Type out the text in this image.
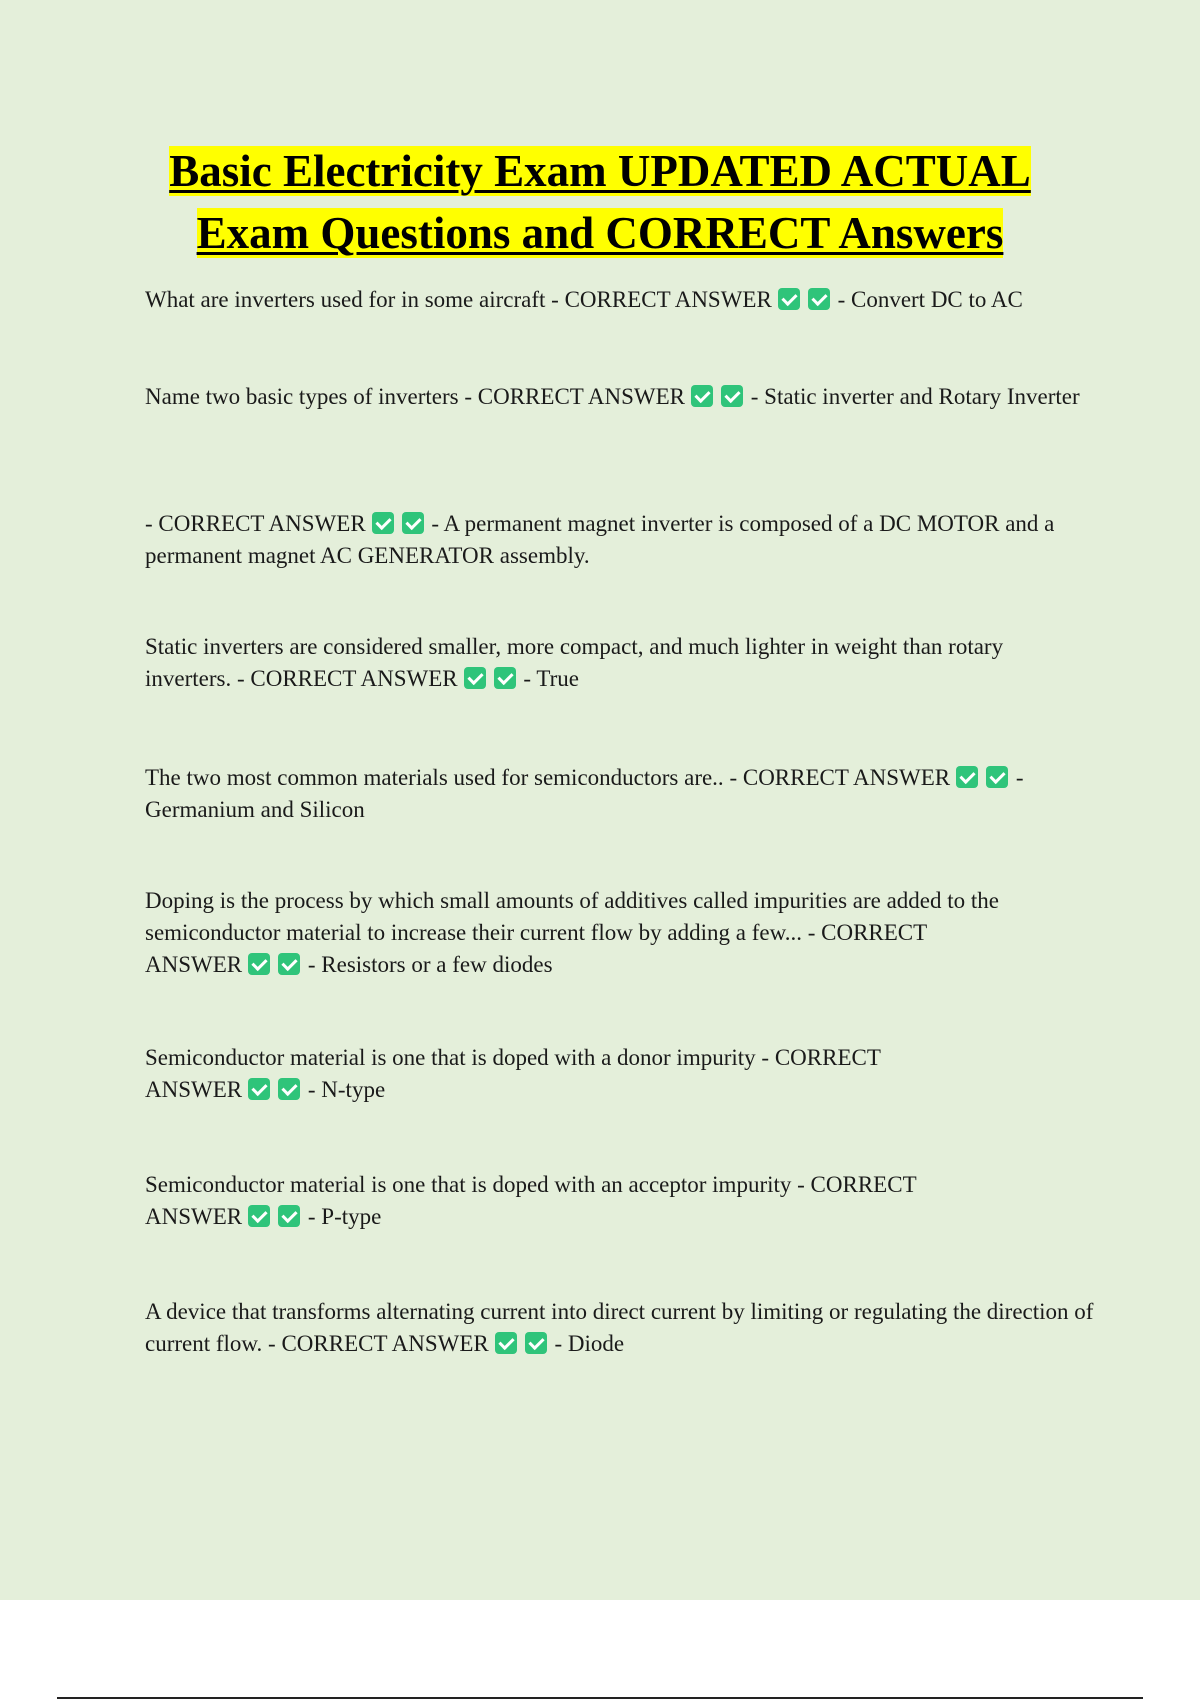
Basic Electricity Exam UPDATED ACTUAL
Exam Questions and CORRECT Answers
What are inverters used for in some aircraft - CORRECT ANSWER	- Convert DC to AC
Name two basic types of inverters - CORRECT ANSWER	- Static inverter and Rotary Inverter
- CORRECT ANSWER	- A permanent magnet inverter is composed of a DC MOTOR and a permanent magnet AC GENERATOR assembly.
Static inverters are considered smaller, more compact, and much lighter in weight than rotary inverters. - CORRECT ANSWER	- True
The two most common materials used for semiconductors are.. - CORRECT ANSWER	- Germanium and Silicon
Doping is the process by which small amounts of additives called impurities are added to the semiconductor material to increase their current flow by adding a few... - CORRECT
ANSWER	- Resistors or a few diodes
Semiconductor material is one that is doped with a donor impurity - CORRECT
ANSWER	- N-type
Semiconductor material is one that is doped with an acceptor impurity - CORRECT
ANSWER	- P-type
A device that transforms alternating current into direct current by limiting or regulating the direction of current flow. - CORRECT ANSWER	- Diode
